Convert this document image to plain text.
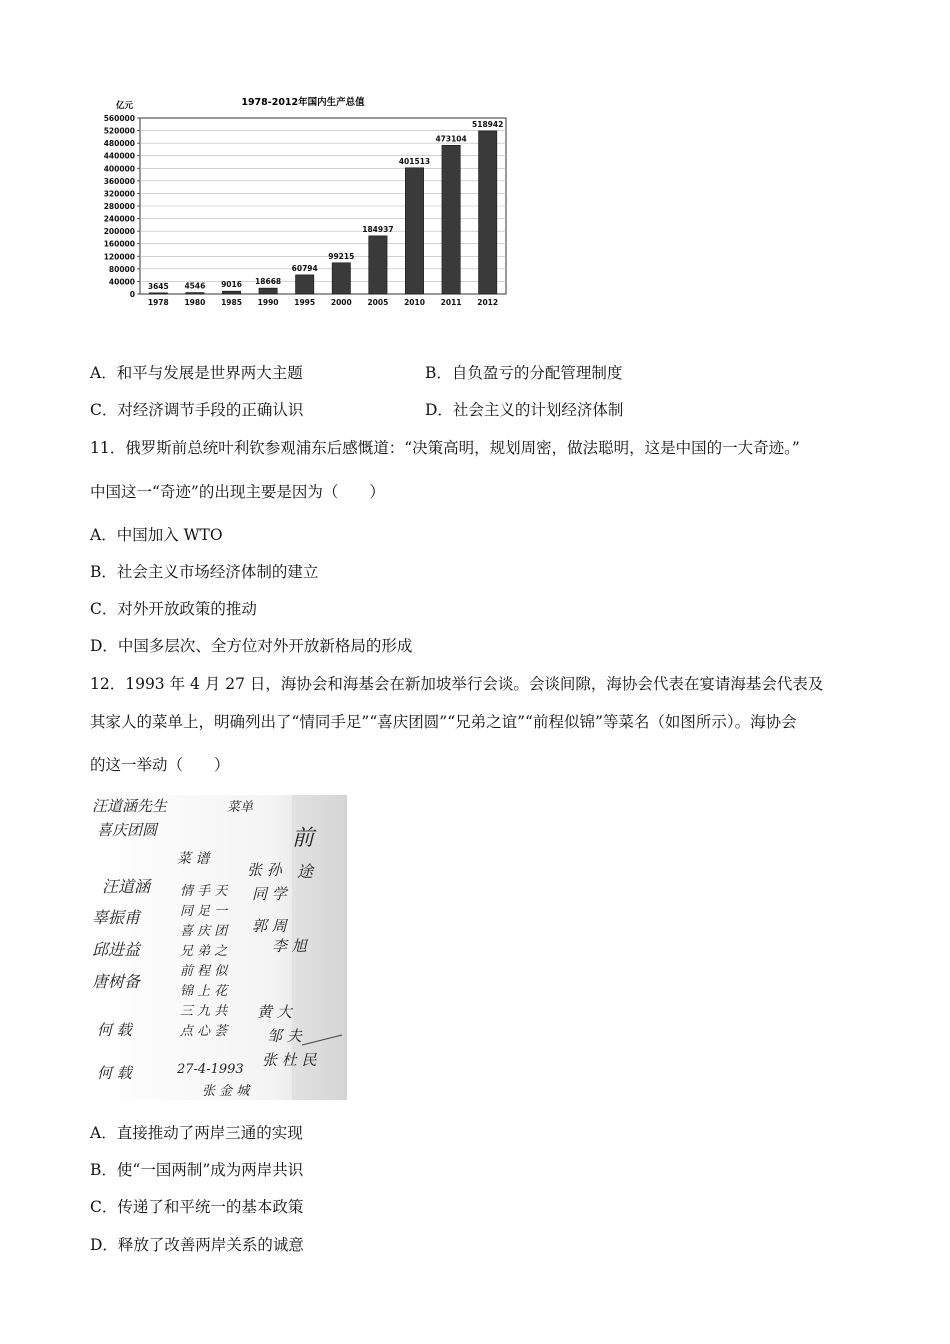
1978-2012年国内生产总值
亿元
0
40000
80000
120000
160000
200000
240000
280000
320000
360000
400000
440000
480000
520000
560000
3645
1978
4546
1980
9016
1985
18668
1990
60794
1995
99215
2000
184937
2005
401513
2010
473104
2011
518942
2012
A．和平与发展是世界两大主题	B．自负盈亏的分配管理制度
C．对经济调节手段的正确认识	D．社会主义的计划经济体制
11．俄罗斯前总统叶利钦参观浦东后感慨道：“决策高明，规划周密，做法聪明，这是中国的一大奇迹。”
中国这一“奇迹”的出现主要是因为（　　）
A．中国加入 WTO
B．社会主义市场经济体制的建立
C．对外开放政策的推动
D．中国多层次、全方位对外开放新格局的形成
12．1993 年 4 月 27 日，海协会和海基会在新加坡举行会谈。会谈间隙，海协会代表在宴请海基会代表及
其家人的菜单上，明确列出了“情同手足”“喜庆团圆”“兄弟之谊”“前程似锦”等菜名（如图所示）。海协会
的这一举动（　　）
汪道涵先生	菜单
喜庆团圆
菜 谱
汪道涵
辜振甫
邱进益
唐树备
何 载
何 载
情 手 天
同 足 一
喜 庆 团
兄 弟 之
前 程 似
锦 上 花
三 九 共
点 心 荟
27-4-1993
张 金 城
张 孙
同 学
郭 周
李 旭
前
途
黄 大
邹 夫
张 杜 民
A．直接推动了两岸三通的实现
B．使“一国两制”成为两岸共识
C．传递了和平统一的基本政策
D．释放了改善两岸关系的诚意
